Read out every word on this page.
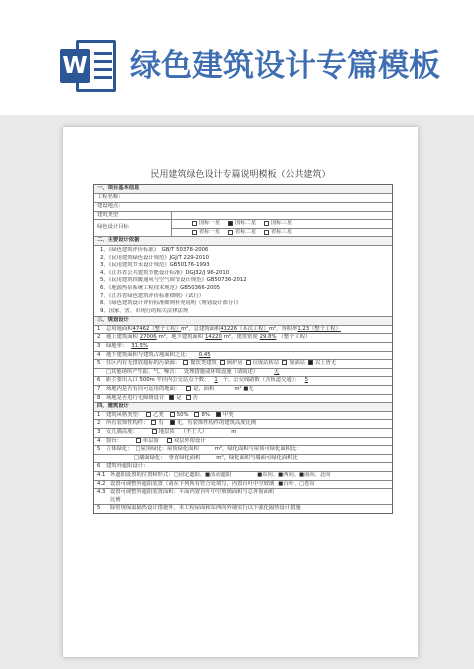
W 绿色建筑设计专篇模板
民用建筑绿色设计专篇说明模板（公共建筑）
一、项目基本信息
工程名称：
建设地点：
建筑类型
绿色设计目标
国标一星	国标二星	国标三星
省标一星	省标二星	省标三星
二、主要设计依据
1、《绿色建筑评价标准》　GB/T 50378-2006
2、《民用建筑绿色设计规范》JGJ/T 229-2010
3、《民用建筑节水设计规范》GB50176-1993
4、《江苏省公共建筑节能设计标准》DGJ32/J 96-2010
5、《民用建筑供暖通风与空气调节设计规范》GB50736-2012
6、《地源热泵系统工程技术规范》GB50366-2005
7、《江苏省绿色建筑评价标准细则》（试行）
8、《绿色建筑设计评价标准细则补充说明（规划设计部分）》
9、国家、省、市现行的相关法律法规
三、规划设计
1	总用地面积 47462（整个工程） m²，总建筑面积 41226（本次工程） m²，容积率 1.23（整个工程）
2	地上建筑面积 27006 m²，地下建筑面积 14220 m²，建筑密度 29.8% （整个工程）
3	绿地率： 31.5%
4	地下建筑面积与建筑占地面积之比：	0.45
5	住区内有无排放超标的污染源：	餐饮类建筑	锅炉房	垃圾站转站	加油站	以上皆无
□其他场所产生振、气、噪音： 处理措施或环境设施（请简述）	无
6	距主要出入口 500m 半径内公交站点个数： 1 个，公交线路数（含轨道交通）： 5
7	场地内是否有向可运用的地面：	是，面积	m² ■无
8	场地是否进行无障碍设计	是	否
四、建筑设计
1	建筑风格类型：	乙类	50%	8%	甲类
2	所有装饰性构件：	有	无，有装饰性构件的建筑高度比例
3	女儿墙高度：	地层顶 （不上人）	m
4	窗台：	单层窗	双层外窗设计
5	立体绿化： □屋顶绿化：屋顶绿化面积	m²，绿化面积与屋顶可绿化面积比：
□墙面绿化： 垂直绿化面积	m²，绿化面积与墙面可绿化面积比
6	建筑外遮阳设计：
4.1 外遮阳设置的位置和形式：□固定遮阳、■活动遮阳	■东向、■西向、■南向、北向
4.2 设置可调整外遮阳装置（请在下列所有符合处填写，内置百叶中空玻璃 ■百叶、□卷帘
4.3 设置可调整外遮阳装置面积：平面内置百叶中空玻璃面积与总外窗面积
比例
5	除常规保温隔热设计措施外，本工程屋面和东西向外墙实行以下强化隔热设计措施
